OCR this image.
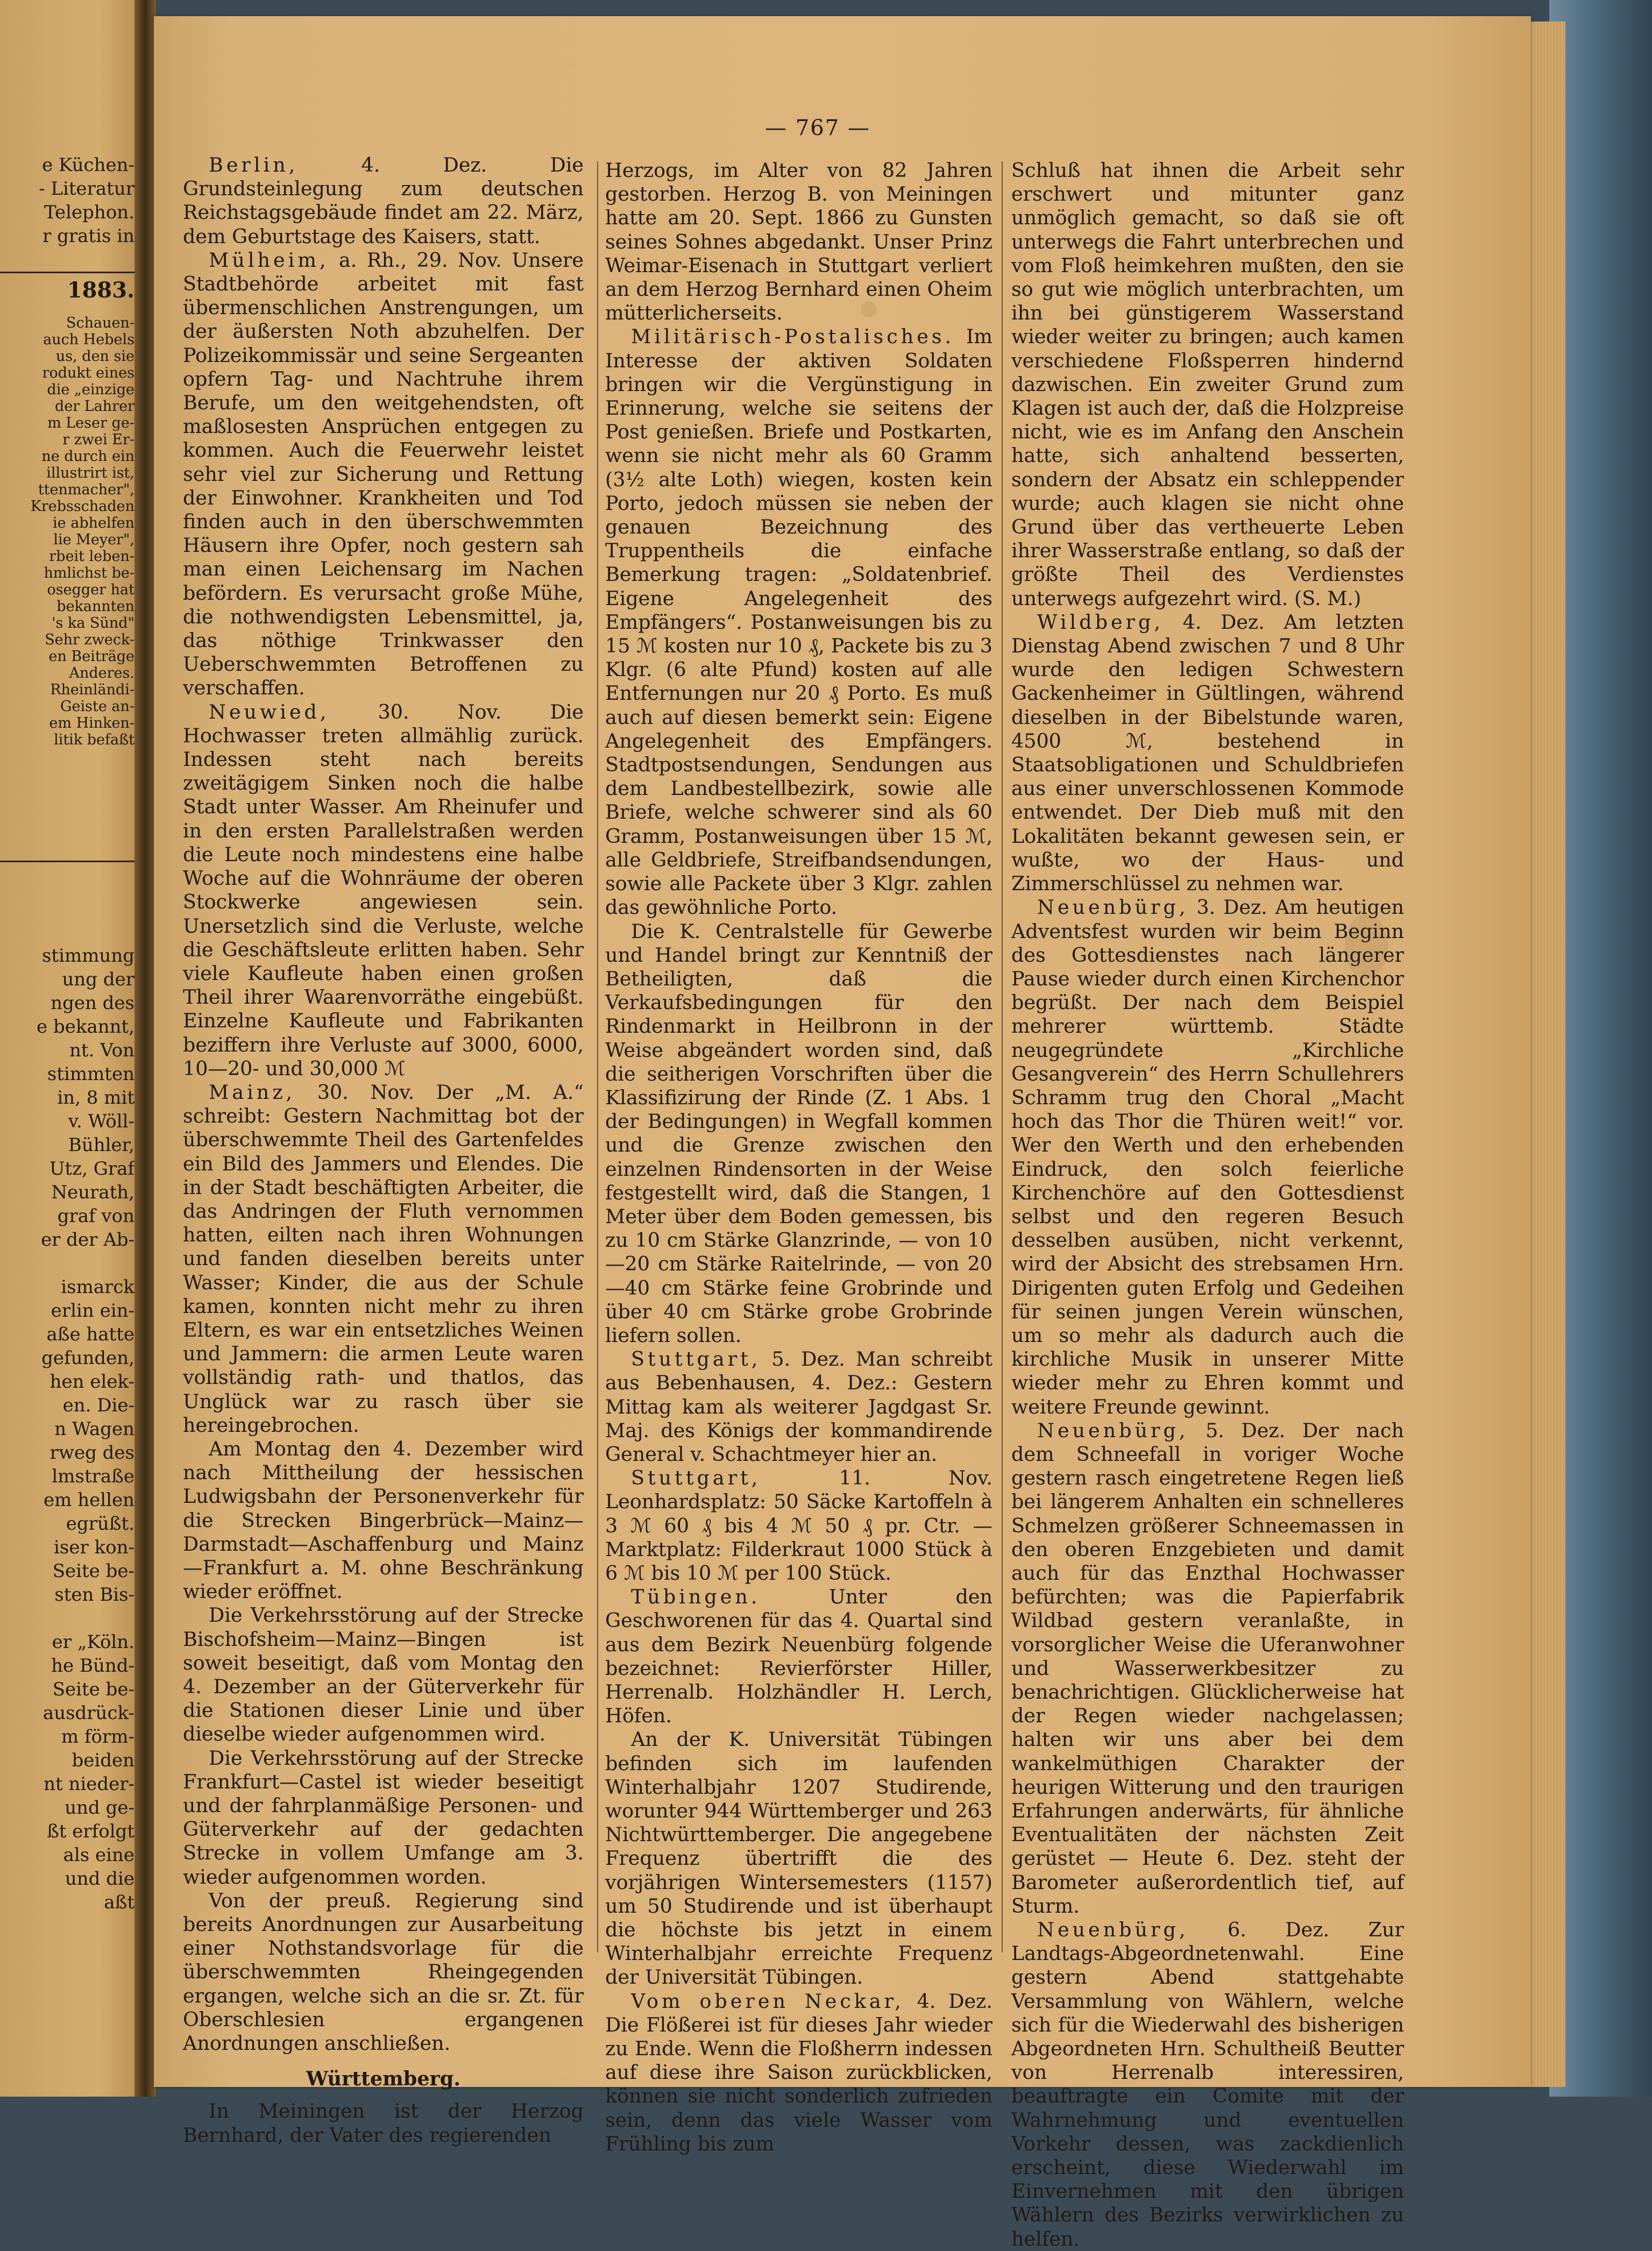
e Küchen-
- Literatur
Telephon.
r gratis in
1883.
Schauen-
auch Hebels
us, den sie
rodukt eines
die „einzige
der Lahrer
m Leser ge-
r zwei Er-
ne durch ein
illustrirt ist,
ttenmacher",
Krebsschaden
ie abhelfen
lie Meyer",
rbeit leben-
hmlichst be-
osegger hat
bekannten
's ka Sünd"
Sehr zweck-
en Beiträge
Anderes.
Rheinländi-
Geiste an-
em Hinken-
litik befaßt
stimmung
ung der
ngen des
e bekannt,
nt. Von
stimmten
in, 8 mit
v. Wöll-
Bühler,
Utz, Graf
Neurath,
graf von
er der Ab-

ismarck
erlin ein-
aße hatte
gefunden,
hen elek-
en. Die-
n Wagen
rweg des
lmstraße
em hellen
egrüßt.
iser kon-
Seite be-
sten Bis-

er „Köln.
he Bünd-
Seite be-
ausdrück-
m förm-
beiden
nt nieder-
und ge-
ßt erfolgt
als eine
und die
aßt
— 767 —

Berlin, 4. Dez. Die Grundsteinlegung zum deutschen Reichstagsgebäude findet am 22. März, dem Geburtstage des Kaisers, statt.

Mülheim, a. Rh., 29. Nov. Unsere Stadtbehörde arbeitet mit fast übermenschlichen Anstrengungen, um der äußersten Noth abzuhelfen. Der Polizeikommissär und seine Sergeanten opfern Tag- und Nachtruhe ihrem Berufe, um den weitgehendsten, oft maßlosesten Ansprüchen entgegen zu kommen. Auch die Feuerwehr leistet sehr viel zur Sicherung und Rettung der Einwohner. Krankheiten und Tod finden auch in den überschwemmten Häusern ihre Opfer, noch gestern sah man einen Leichensarg im Nachen befördern. Es verursacht große Mühe, die nothwendigsten Lebensmittel, ja, das nöthige Trinkwasser den Ueberschwemmten Betroffenen zu verschaffen.

Neuwied, 30. Nov. Die Hochwasser treten allmählig zurück. Indessen steht nach bereits zweitägigem Sinken noch die halbe Stadt unter Wasser. Am Rheinufer und in den ersten Parallelstraßen werden die Leute noch mindestens eine halbe Woche auf die Wohnräume der oberen Stockwerke angewiesen sein. Unersetzlich sind die Verluste, welche die Geschäftsleute erlitten haben. Sehr viele Kaufleute haben einen großen Theil ihrer Waarenvorräthe eingebüßt. Einzelne Kaufleute und Fabrikanten beziffern ihre Verluste auf 3000, 6000, 10—20- und 30,000 ℳ

Mainz, 30. Nov. Der „M. A.“ schreibt: Gestern Nachmittag bot der überschwemmte Theil des Gartenfeldes ein Bild des Jammers und Elendes. Die in der Stadt beschäftigten Arbeiter, die das Andringen der Fluth vernommen hatten, eilten nach ihren Wohnungen und fanden dieselben bereits unter Wasser; Kinder, die aus der Schule kamen, konnten nicht mehr zu ihren Eltern, es war ein entsetzliches Weinen und Jammern: die armen Leute waren vollständig rath- und thatlos, das Unglück war zu rasch über sie hereingebrochen.

Am Montag den 4. Dezember wird nach Mittheilung der hessischen Ludwigsbahn der Personenverkehr für die Strecken Bingerbrück—Mainz—Darmstadt—Aschaffenburg und Mainz—Frankfurt a. M. ohne Beschränkung wieder eröffnet.

Die Verkehrsstörung auf der Strecke Bischofsheim—Mainz—Bingen ist soweit beseitigt, daß vom Montag den 4. Dezember an der Güterverkehr für die Stationen dieser Linie und über dieselbe wieder aufgenommen wird.

Die Verkehrsstörung auf der Strecke Frankfurt—Castel ist wieder beseitigt und der fahrplanmäßige Personen- und Güterverkehr auf der gedachten Strecke in vollem Umfange am 3. wieder aufgenommen worden.

Von der preuß. Regierung sind bereits Anordnungen zur Ausarbeitung einer Nothstandsvorlage für die überschwemmten Rheingegenden ergangen, welche sich an die sr. Zt. für Oberschlesien ergangenen Anordnungen anschließen.

Württemberg.

In Meiningen ist der Herzog Bernhard, der Vater des regierenden

Herzogs, im Alter von 82 Jahren gestorben. Herzog B. von Meiningen hatte am 20. Sept. 1866 zu Gunsten seines Sohnes abgedankt. Unser Prinz Weimar-Eisenach in Stuttgart verliert an dem Herzog Bernhard einen Oheim mütterlicherseits.

Militärisch-Postalisches. Im Interesse der aktiven Soldaten bringen wir die Vergünstigung in Erinnerung, welche sie seitens der Post genießen. Briefe und Postkarten, wenn sie nicht mehr als 60 Gramm (3½ alte Loth) wiegen, kosten kein Porto, jedoch müssen sie neben der genauen Bezeichnung des Truppentheils die einfache Bemerkung tragen: „Soldatenbrief. Eigene Angelegenheit des Empfängers“. Postanweisungen bis zu 15 ℳ kosten nur 10 ₰, Packete bis zu 3 Klgr. (6 alte Pfund) kosten auf alle Entfernungen nur 20 ₰ Porto. Es muß auch auf diesen bemerkt sein: Eigene Angelegenheit des Empfängers. Stadtpostsendungen, Sendungen aus dem Landbestellbezirk, sowie alle Briefe, welche schwerer sind als 60 Gramm, Postanweisungen über 15 ℳ, alle Geldbriefe, Streifbandsendungen, sowie alle Packete über 3 Klgr. zahlen das gewöhnliche Porto.

Die K. Centralstelle für Gewerbe und Handel bringt zur Kenntniß der Betheiligten, daß die Verkaufsbedingungen für den Rindenmarkt in Heilbronn in der Weise abgeändert worden sind, daß die seitherigen Vorschriften über die Klassifizirung der Rinde (Z. 1 Abs. 1 der Bedingungen) in Wegfall kommen und die Grenze zwischen den einzelnen Rindensorten in der Weise festgestellt wird, daß die Stangen, 1 Meter über dem Boden gemessen, bis zu 10 cm Stärke Glanzrinde, — von 10—20 cm Stärke Raitelrinde, — von 20—40 cm Stärke feine Grobrinde und über 40 cm Stärke grobe Grobrinde liefern sollen.

Stuttgart, 5. Dez. Man schreibt aus Bebenhausen, 4. Dez.: Gestern Mittag kam als weiterer Jagdgast Sr. Maj. des Königs der kommandirende General v. Schachtmeyer hier an.

Stuttgart, 11. Nov. Leonhardsplatz: 50 Säcke Kartoffeln à 3 ℳ 60 ₰ bis 4 ℳ 50 ₰ pr. Ctr. — Marktplatz: Filderkraut 1000 Stück à 6 ℳ bis 10 ℳ per 100 Stück.

Tübingen. Unter den Geschworenen für das 4. Quartal sind aus dem Bezirk Neuenbürg folgende bezeichnet: Revierförster Hiller, Herrenalb. Holzhändler H. Lerch, Höfen.

An der K. Universität Tübingen befinden sich im laufenden Winterhalbjahr 1207 Studirende, worunter 944 Württemberger und 263 Nichtwürttemberger. Die angegebene Frequenz übertrifft die des vorjährigen Wintersemesters (1157) um 50 Studirende und ist überhaupt die höchste bis jetzt in einem Winterhalbjahr erreichte Frequenz der Universität Tübingen.

Vom oberen Neckar, 4. Dez. Die Flößerei ist für dieses Jahr wieder zu Ende. Wenn die Floßherrn indessen auf diese ihre Saison zurückblicken, können sie nicht sonderlich zufrieden sein, denn das viele Wasser vom Frühling bis zum

Schluß hat ihnen die Arbeit sehr erschwert und mitunter ganz unmöglich gemacht, so daß sie oft unterwegs die Fahrt unterbrechen und vom Floß heimkehren mußten, den sie so gut wie möglich unterbrachten, um ihn bei günstigerem Wasserstand wieder weiter zu bringen; auch kamen verschiedene Floßsperren hindernd dazwischen. Ein zweiter Grund zum Klagen ist auch der, daß die Holzpreise nicht, wie es im Anfang den Anschein hatte, sich anhaltend besserten, sondern der Absatz ein schleppender wurde; auch klagen sie nicht ohne Grund über das vertheuerte Leben ihrer Wasserstraße entlang, so daß der größte Theil des Verdienstes unterwegs aufgezehrt wird. (S. M.)

Wildberg, 4. Dez. Am letzten Dienstag Abend zwischen 7 und 8 Uhr wurde den ledigen Schwestern Gackenheimer in Gültlingen, während dieselben in der Bibelstunde waren, 4500 ℳ, bestehend in Staatsobligationen und Schuldbriefen aus einer unverschlossenen Kommode entwendet. Der Dieb muß mit den Lokalitäten bekannt gewesen sein, er wußte, wo der Haus- und Zimmerschlüssel zu nehmen war.

Neuenbürg, 3. Dez. Am heutigen Adventsfest wurden wir beim Beginn des Gottesdienstes nach längerer Pause wieder durch einen Kirchenchor begrüßt. Der nach dem Beispiel mehrerer württemb. Städte neugegründete „Kirchliche Gesangverein“ des Herrn Schullehrers Schramm trug den Choral „Macht hoch das Thor die Thüren weit!“ vor. Wer den Werth und den erhebenden Eindruck, den solch feierliche Kirchenchöre auf den Gottesdienst selbst und den regeren Besuch desselben ausüben, nicht verkennt, wird der Absicht des strebsamen Hrn. Dirigenten guten Erfolg und Gedeihen für seinen jungen Verein wünschen, um so mehr als dadurch auch die kirchliche Musik in unserer Mitte wieder mehr zu Ehren kommt und weitere Freunde gewinnt.

Neuenbürg, 5. Dez. Der nach dem Schneefall in voriger Woche gestern rasch eingetretene Regen ließ bei längerem Anhalten ein schnelleres Schmelzen größerer Schneemassen in den oberen Enzgebieten und damit auch für das Enzthal Hochwasser befürchten; was die Papierfabrik Wildbad gestern veranlaßte, in vorsorglicher Weise die Uferanwohner und Wasserwerkbesitzer zu benachrichtigen. Glücklicherweise hat der Regen wieder nachgelassen; halten wir uns aber bei dem wankelmüthigen Charakter der heurigen Witterung und den traurigen Erfahrungen anderwärts, für ähnliche Eventualitäten der nächsten Zeit gerüstet — Heute 6. Dez. steht der Barometer außerordentlich tief, auf Sturm.

Neuenbürg, 6. Dez. Zur Landtags-Abgeordnetenwahl. Eine gestern Abend stattgehabte Versammlung von Wählern, welche sich für die Wiederwahl des bisherigen Abgeordneten Hrn. Schultheiß Beutter von Herrenalb interessiren, beauftragte ein Comite mit der Wahrnehmung und eventuellen Vorkehr dessen, was zackdienlich erscheint, diese Wiederwahl im Einvernehmen mit den übrigen Wählern des Bezirks verwirklichen zu helfen.
